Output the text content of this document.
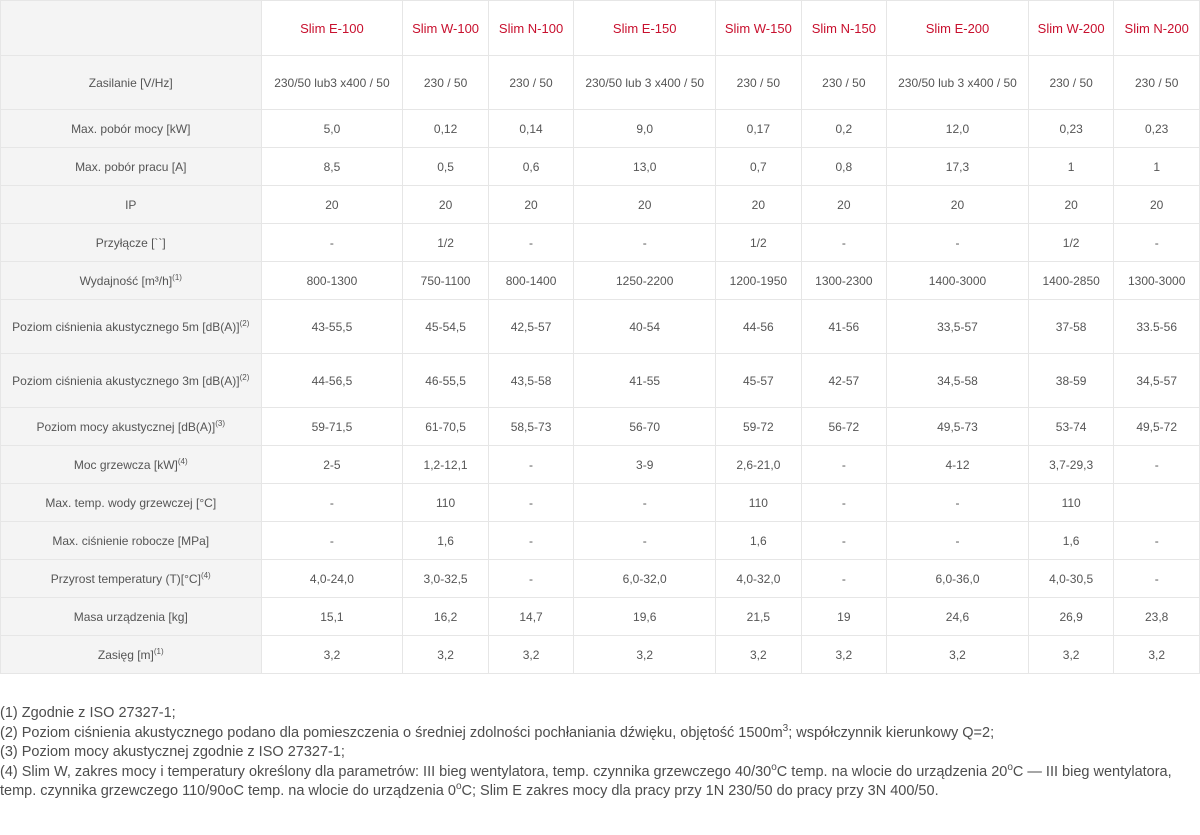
	Slim E-100	Slim W-100	Slim N-100	Slim E-150	Slim W-150	Slim N-150	Slim E-200	Slim W-200	Slim N-200
Zasilanie [V/Hz]	230/50 lub3 x400 / 50	230 / 50	230 / 50	230/50 lub 3 x400 / 50	230 / 50	230 / 50	230/50 lub 3 x400 / 50	230 / 50	230 / 50
Max. pobór mocy [kW]	5,0	0,12	0,14	9,0	0,17	0,2	12,0	0,23	0,23
Max. pobór pracu [A]	8,5	0,5	0,6	13,0	0,7	0,8	17,3	1	1
IP	20	20	20	20	20	20	20	20	20
Przyłącze [``]	-	1/2	-	-	1/2	-	-	1/2	-
Wydajność $[m^3/h]^{(1)}$	800-1300	750-1100	800-1400	1250-2200	1200-1950	1300-2300	1400-3000	1400-2850	1300-3000
Poziom ciśnienia akustycznego 5m $[dB(A)]^{(2)}$	43-55,5	45-54,5	42,5-57	40-54	44-56	41-56	33,5-57	37-58	33.5-56
Poziom ciśnienia akustycznego 3m $[dB(A)]^{(2)}$	44-56,5	46-55,5	43,5-58	41-55	45-57	42-57	34,5-58	38-59	34,5-57
Poziom mocy akustycznej $[dB(A)]^{(3)}$	59-71,5	61-70,5	58,5-73	56-70	59-72	56-72	49,5-73	53-74	49,5-72
Moc grzewcza [kW]$^{(4)}$	2-5	1,2-12,1	-	3-9	2,6-21,0	-	4-12	3,7-29,3	-
Max. temp. wody grzewczej [°C]	-	110	-	-	110	-	-	110	
Max. ciśnienie robocze [MPa]	-	1,6	-	-	1,6	-	-	1,6	-
Przyrost temperatury $(T)[^\circ C]^{(4)}$	4,0-24,0	3,0-32,5	-	6,0-32,0	4,0-32,0	-	6,0-36,0	4,0-30,5	-
Masa urządzenia [kg]	15,1	16,2	14,7	19,6	21,5	19	24,6	26,9	23,8
Zasięg $[m]^{(1)}$	3,2	3,2	3,2	3,2	3,2	3,2	3,2	3,2	3,2

(1) Zgodnie z ISO 27327-1;

(2) Poziom ciśnienia akustycznego podano dla pomieszczenia o średniej zdolności pochłaniania dźwięku, objętość $1500m^3$; współczynnik kierunkowy Q=2;

(3) Poziom mocy akustycznej zgodnie z ISO 27327-1;

(4) Slim W, zakres mocy i temperatury określony dla parametrów: III bieg wentylatora, temp. czynnika grzewczego 40/30$^o$C temp. na wlocie do urządzenia 20$^o$C — III bieg wentylatora, temp. czynnika grzewczego 110/90oC temp. na wlocie do urządzenia 0$^o$C; Slim E zakres mocy dla pracy przy 1N 230/50 do pracy przy 3N 400/50.
